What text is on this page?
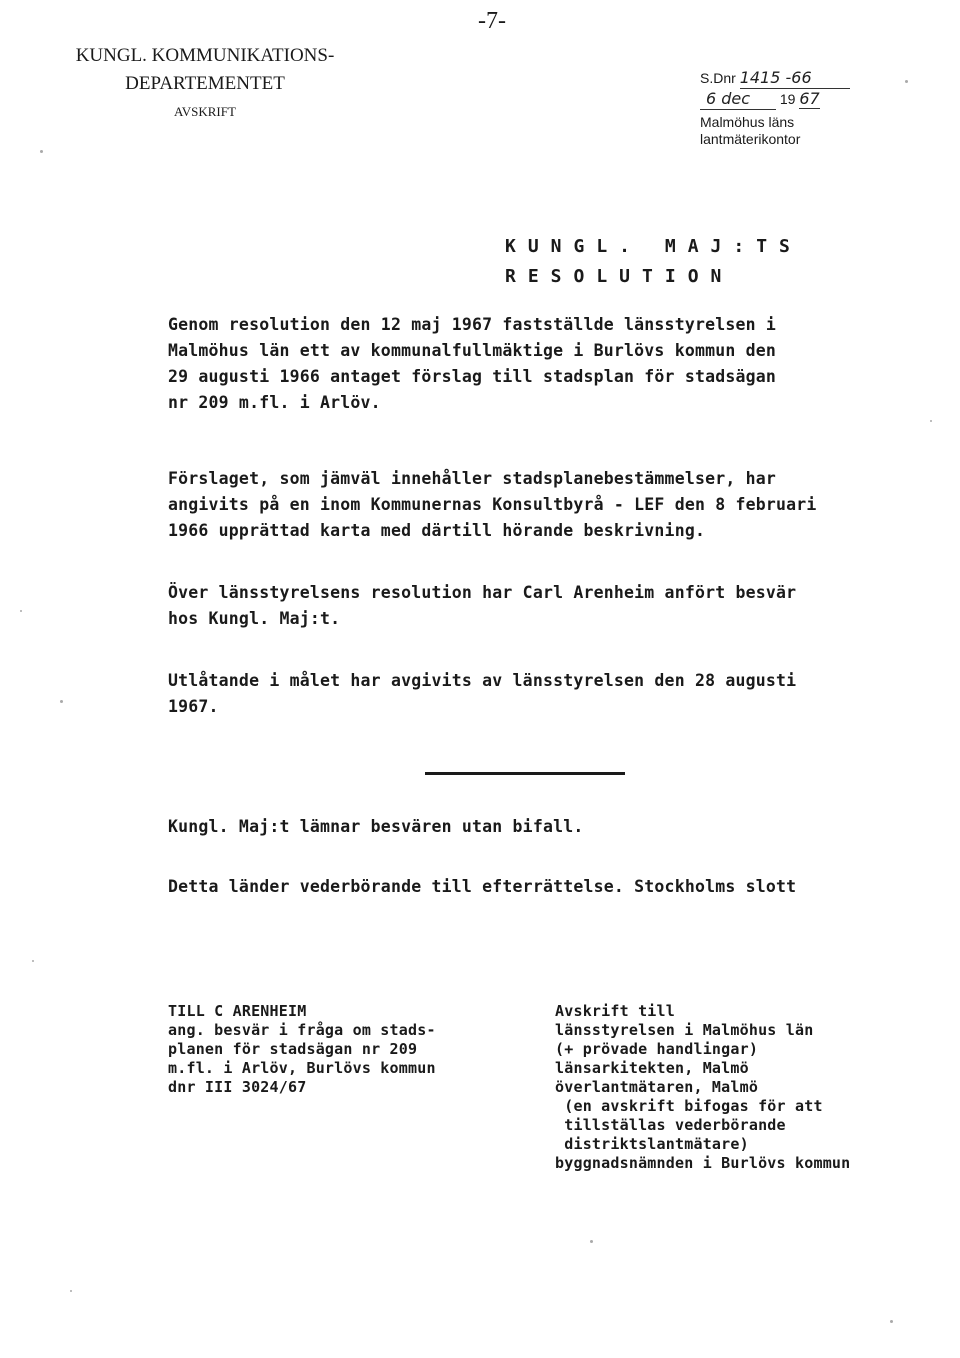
-7-
KUNGL. KOMMUNIKATIONS-
DEPARTEMENTET
AVSKRIFT
S.Dnr 1415 -66
6 dec 19 67
Malmöhus läns
lantmäterikontor
KUNGL. MAJ:TS
RESOLUTION
Genom resolution den 12 maj 1967 fastställde länsstyrelsen i
Malmöhus län ett av kommunalfullmäktige i Burlövs kommun den
29 augusti 1966 antaget förslag till stadsplan för stadsägan
nr 209 m.fl. i Arlöv.
Förslaget, som jämväl innehåller stadsplanebestämmelser, har
angivits på en inom Kommunernas Konsultbyrå - LEF den 8 februari
1966 upprättad karta med därtill hörande beskrivning.
Över länsstyrelsens resolution har Carl Arenheim anfört besvär
hos Kungl. Maj:t.
Utlåtande i målet har avgivits av länsstyrelsen den 28 augusti
1967.
Kungl. Maj:t lämnar besvären utan bifall.
Detta länder vederbörande till efterrättelse. Stockholms slott
TILL C ARENHEIM
ang. besvär i fråga om stads-
planen för stadsägan nr 209
m.fl. i Arlöv, Burlövs kommun
dnr III 3024/67
Avskrift till
länsstyrelsen i Malmöhus län
(+ prövade handlingar)
länsarkitekten, Malmö
överlantmätaren, Malmö
(en avskrift bifogas för att
tillställas vederbörande
distriktslantmätare)
byggnadsnämnden i Burlövs kommun
